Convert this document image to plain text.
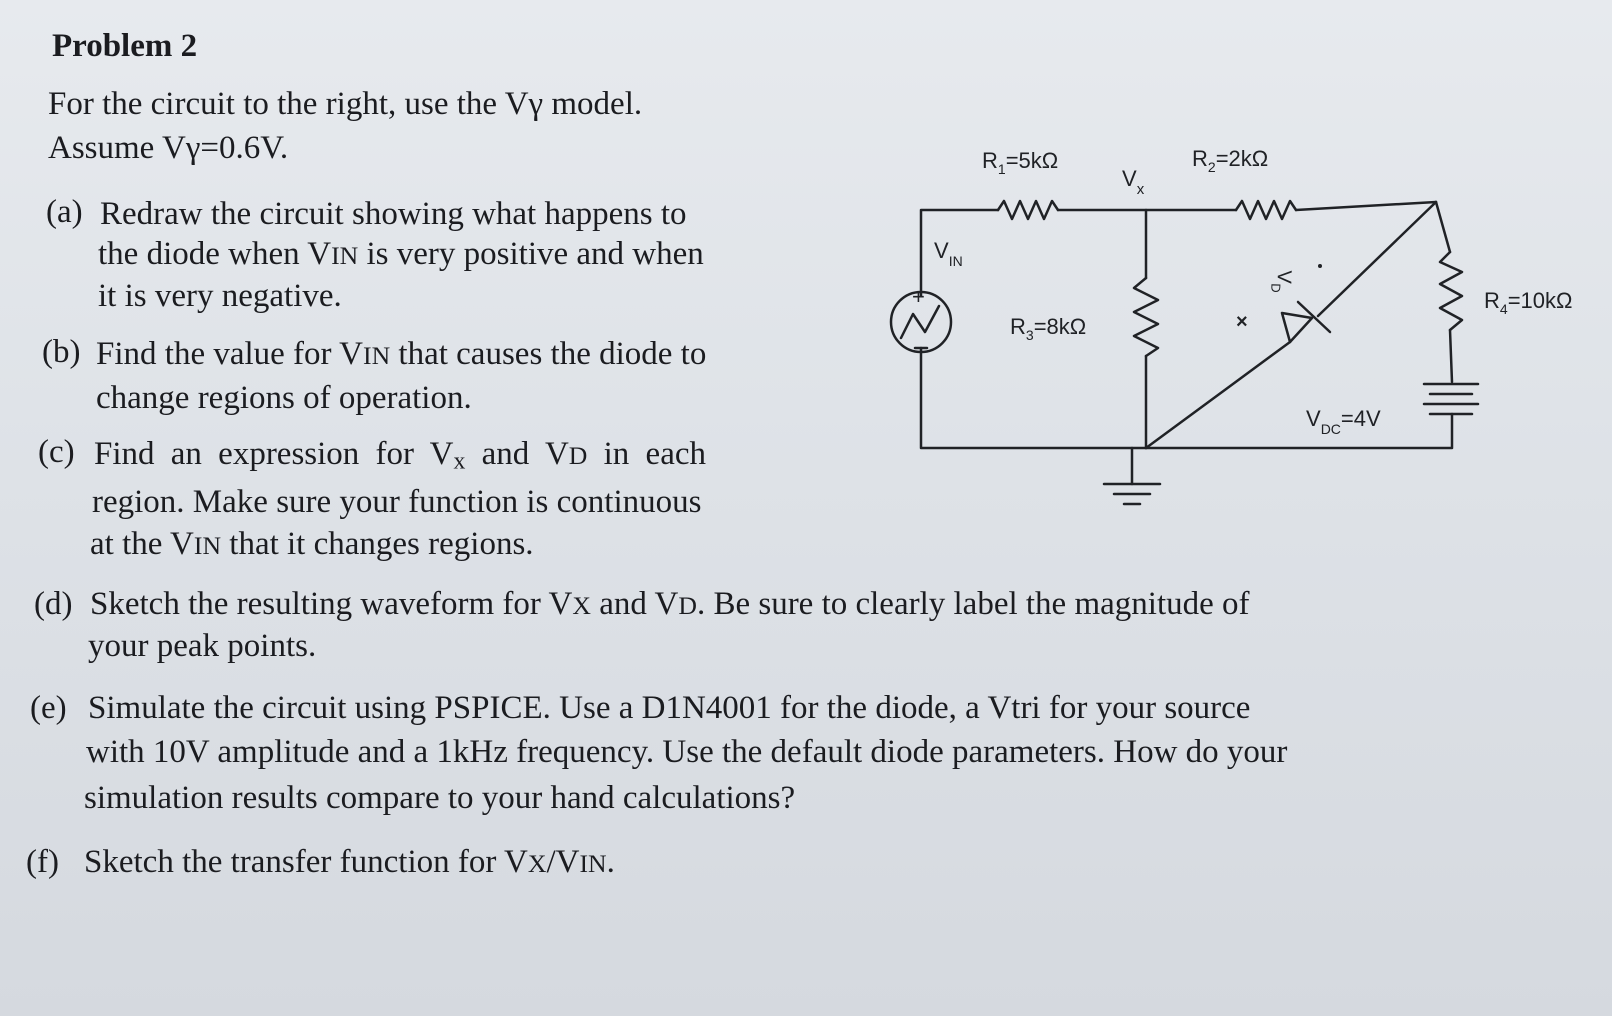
Problem 2
For the circuit to the right, use the Vγ model.
Assume Vγ=0.6V.
(a) Redraw the circuit showing what happens to
the diode when VIN is very positive and when
it is very negative.
(b) Find the value for VIN that causes the diode to
change regions of operation.
(c) Find an expression for $V_x$ and VD in each
region. Make sure your function is continuous
at the VIN that it changes regions.
(d) Sketch the resulting waveform for VX and VD. Be sure to clearly label the magnitude of
your peak points.
(e) Simulate the circuit using PSPICE. Use a D1N4001 for the diode, a Vtri for your source
with 10V amplitude and a 1kHz frequency. Use the default diode parameters. How do your
simulation results compare to your hand calculations?
(f) Sketch the transfer function for VX/VIN.
+
$R_1=5k\Omega$	$R_2=2k\Omega$
$R_3=8k\Omega$
$R_4=10k\Omega$
$V_x$
$V_{IN}$
$V_{DC}=4V$
$V_D$
×
